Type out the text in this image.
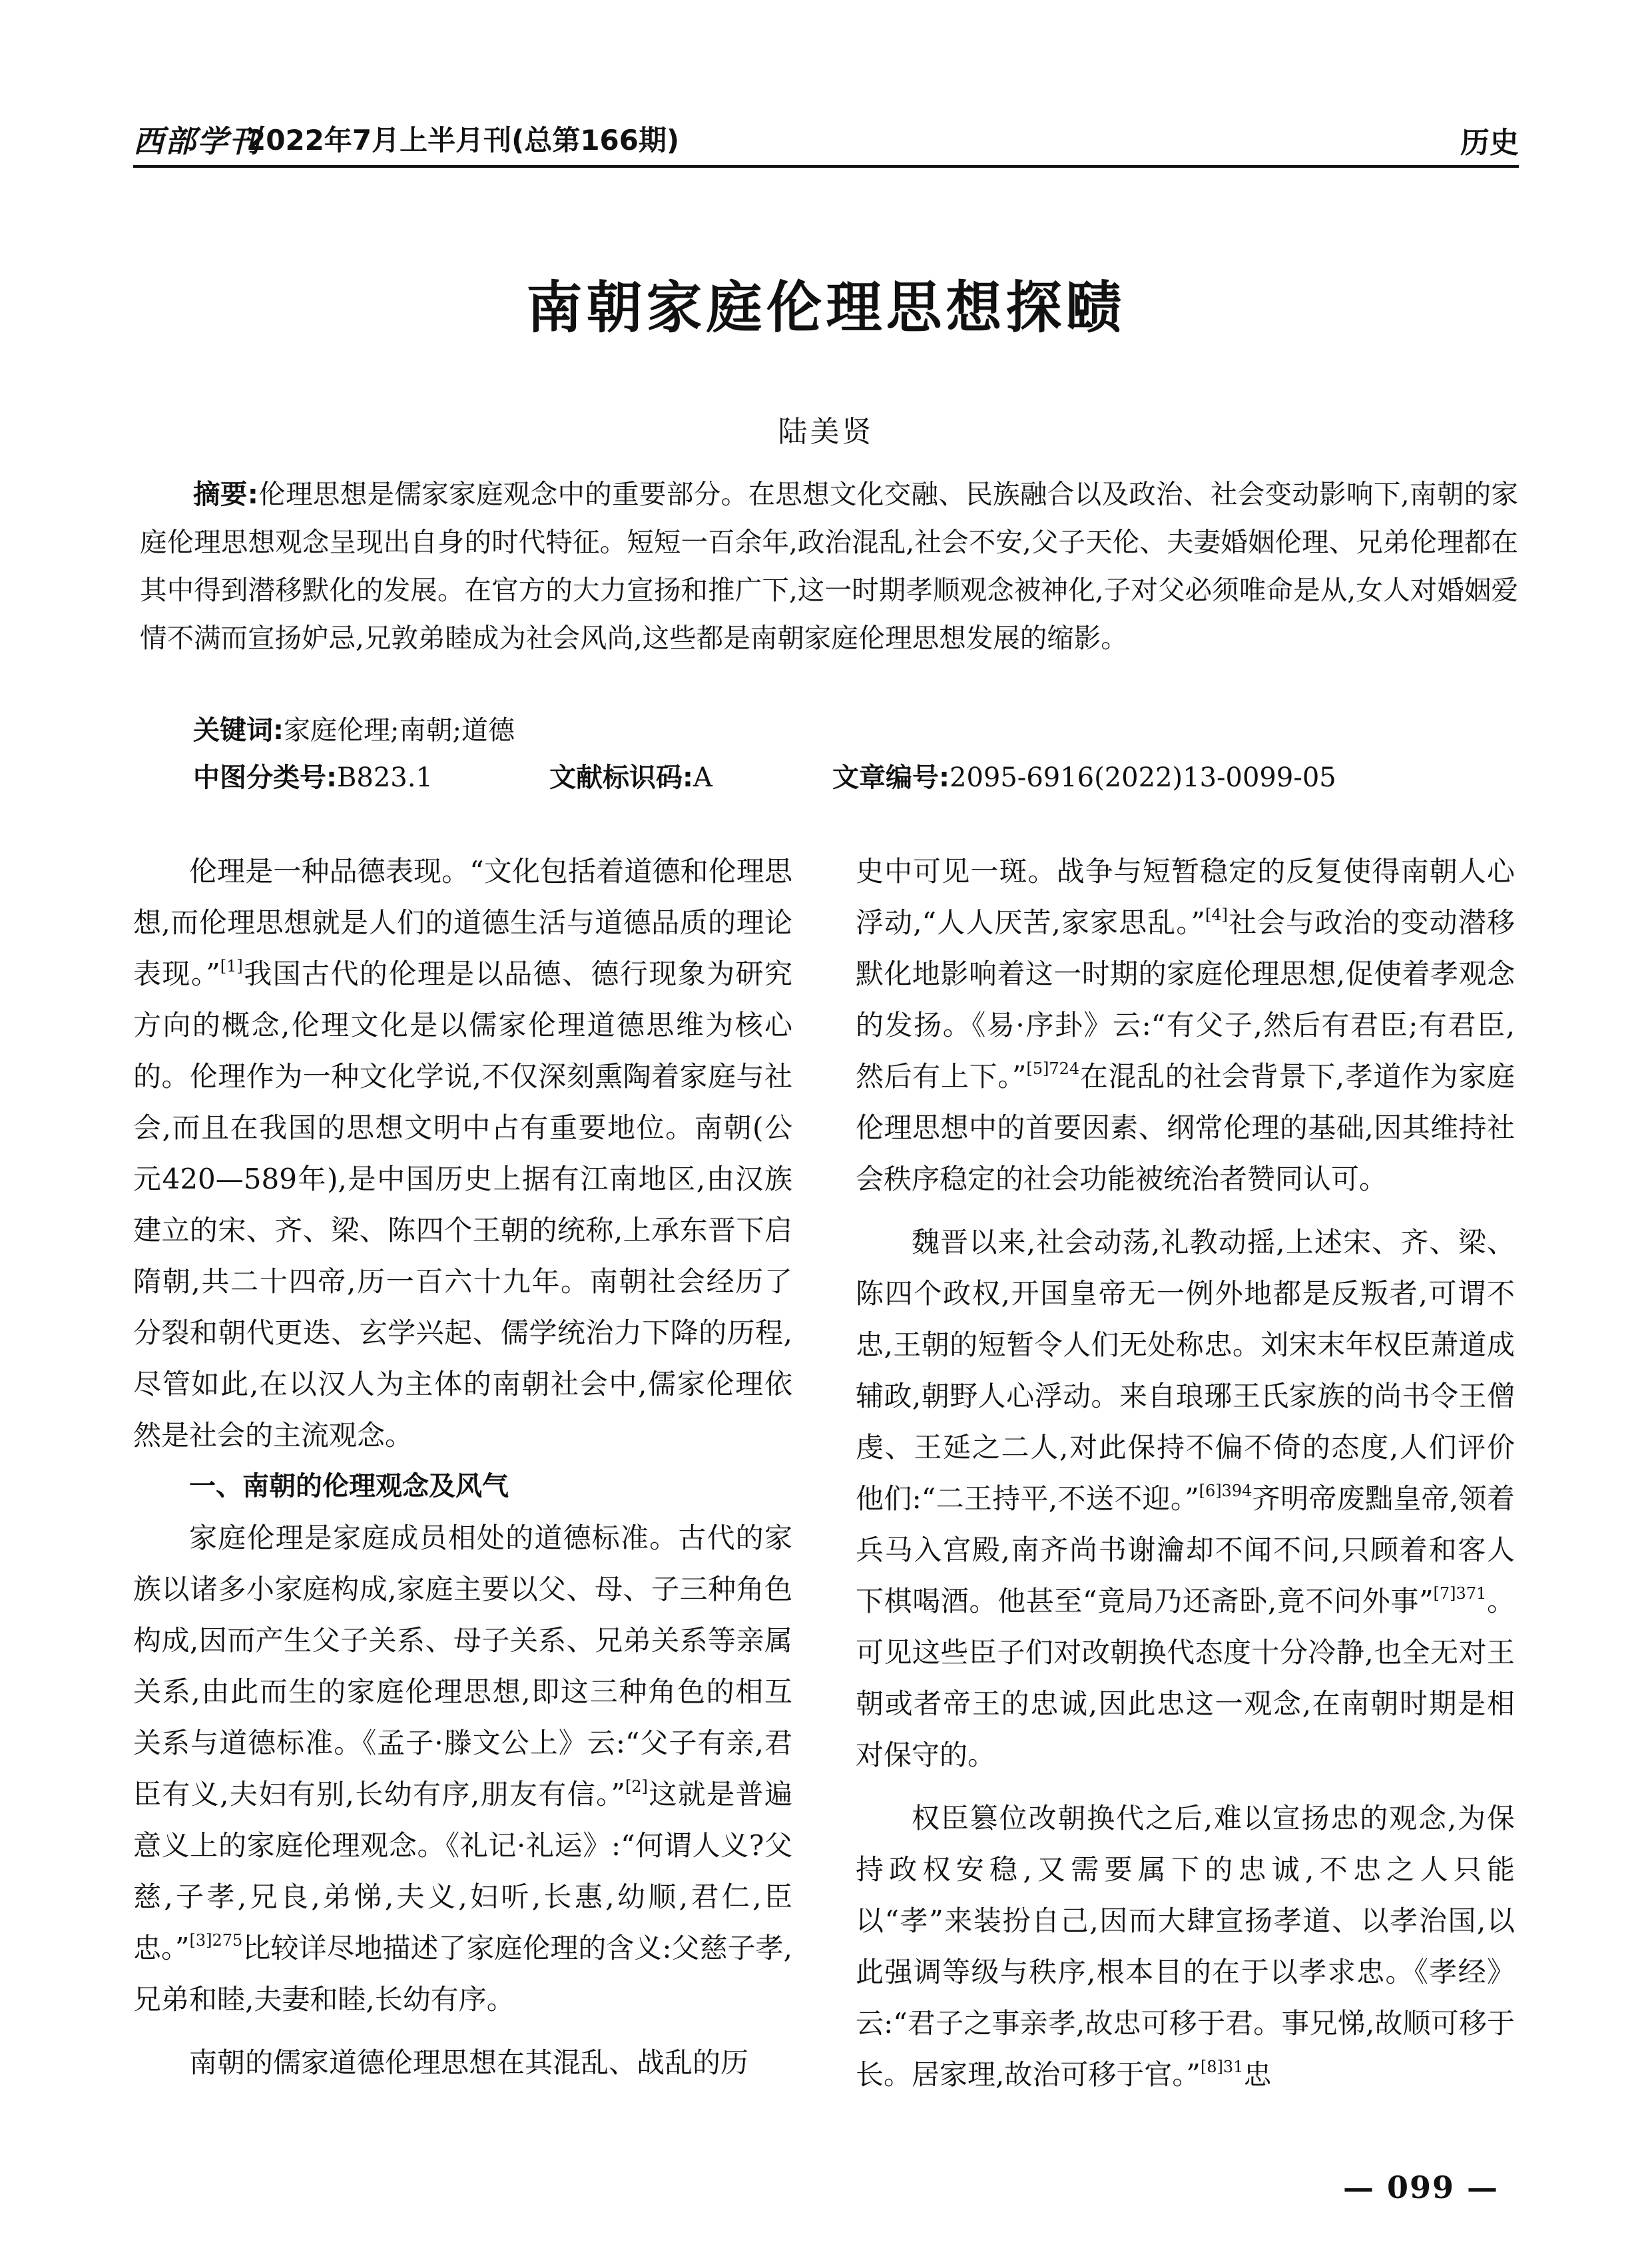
西部学刊
2022年7月上半月刊(总第166期)	历史
南朝家庭伦理思想探赜
陆美贤
摘要:伦理思想是儒家家庭观念中的重要部分。在思想文化交融、民族融合以及政治、社会变动影响下,南朝的家庭伦理思想观念呈现出自身的时代特征。短短一百余年,政治混乱,社会不安,父子天伦、夫妻婚姻伦理、兄弟伦理都在其中得到潜移默化的发展。在官方的大力宣扬和推广下,这一时期孝顺观念被神化,子对父必须唯命是从,女人对婚姻爱情不满而宣扬妒忌,兄敦弟睦成为社会风尚,这些都是南朝家庭伦理思想发展的缩影。
关键词:家庭伦理;南朝;道德
中图分类号:B823.1	文献标识码:A	文章编号:2095-6916(2022)13-0099-05

伦理是一种品德表现。“文化包括着道德和伦理思想,而伦理思想就是人们的道德生活与道德品质的理论表现。”[1]我国古代的伦理是以品德、德行现象为研究方向的概念,伦理文化是以儒家伦理道德思维为核心的。伦理作为一种文化学说,不仅深刻熏陶着家庭与社会,而且在我国的思想文明中占有重要地位。南朝(公元420—589年),是中国历史上据有江南地区,由汉族建立的宋、齐、梁、陈四个王朝的统称,上承东晋下启隋朝,共二十四帝,历一百六十九年。南朝社会经历了分裂和朝代更迭、玄学兴起、儒学统治力下降的历程,尽管如此,在以汉人为主体的南朝社会中,儒家伦理依然是社会的主流观念。

一、南朝的伦理观念及风气

家庭伦理是家庭成员相处的道德标准。古代的家族以诸多小家庭构成,家庭主要以父、母、子三种角色构成,因而产生父子关系、母子关系、兄弟关系等亲属关系,由此而生的家庭伦理思想,即这三种角色的相互关系与道德标准。《孟子·滕文公上》云:“父子有亲,君臣有义,夫妇有别,长幼有序,朋友有信。”[2]这就是普遍意义上的家庭伦理观念。《礼记·礼运》:“何谓人义?父慈,子孝,兄良,弟悌,夫义,妇听,长惠,幼顺,君仁,臣忠。”$^{[3]275}$比较详尽地描述了家庭伦理的含义:父慈子孝,兄弟和睦,夫妻和睦,长幼有序。

南朝的儒家道德伦理思想在其混乱、战乱的历

史中可见一斑。战争与短暂稳定的反复使得南朝人心浮动,“人人厌苦,家家思乱。”[4]社会与政治的变动潜移默化地影响着这一时期的家庭伦理思想,促使着孝观念的发扬。《易·序卦》云:“有父子,然后有君臣;有君臣,然后有上下。”$^{[5]724}$在混乱的社会背景下,孝道作为家庭伦理思想中的首要因素、纲常伦理的基础,因其维持社会秩序稳定的社会功能被统治者赞同认可。

魏晋以来,社会动荡,礼教动摇,上述宋、齐、梁、陈四个政权,开国皇帝无一例外地都是反叛者,可谓不忠,王朝的短暂令人们无处称忠。刘宋末年权臣萧道成辅政,朝野人心浮动。来自琅琊王氏家族的尚书令王僧虔、王延之二人,对此保持不偏不倚的态度,人们评价他们:“二王持平,不送不迎。”$^{[6]394}$齐明帝废黜皇帝,领着兵马入宫殿,南齐尚书谢瀹却不闻不问,只顾着和客人下棋喝酒。他甚至“竟局乃还斋卧,竟不问外事”$^{[7]371}$。可见这些臣子们对改朝换代态度十分冷静,也全无对王朝或者帝王的忠诚,因此忠这一观念,在南朝时期是相对保守的。

权臣篡位改朝换代之后,难以宣扬忠的观念,为保持政权安稳,又需要属下的忠诚,不忠之人只能以“孝”来装扮自己,因而大肆宣扬孝道、以孝治国,以此强调等级与秩序,根本目的在于以孝求忠。《孝经》云:“君子之事亲孝,故忠可移于君。事兄悌,故顺可移于长。居家理,故治可移于官。”$^{[8]31}$忠

— 099 —
